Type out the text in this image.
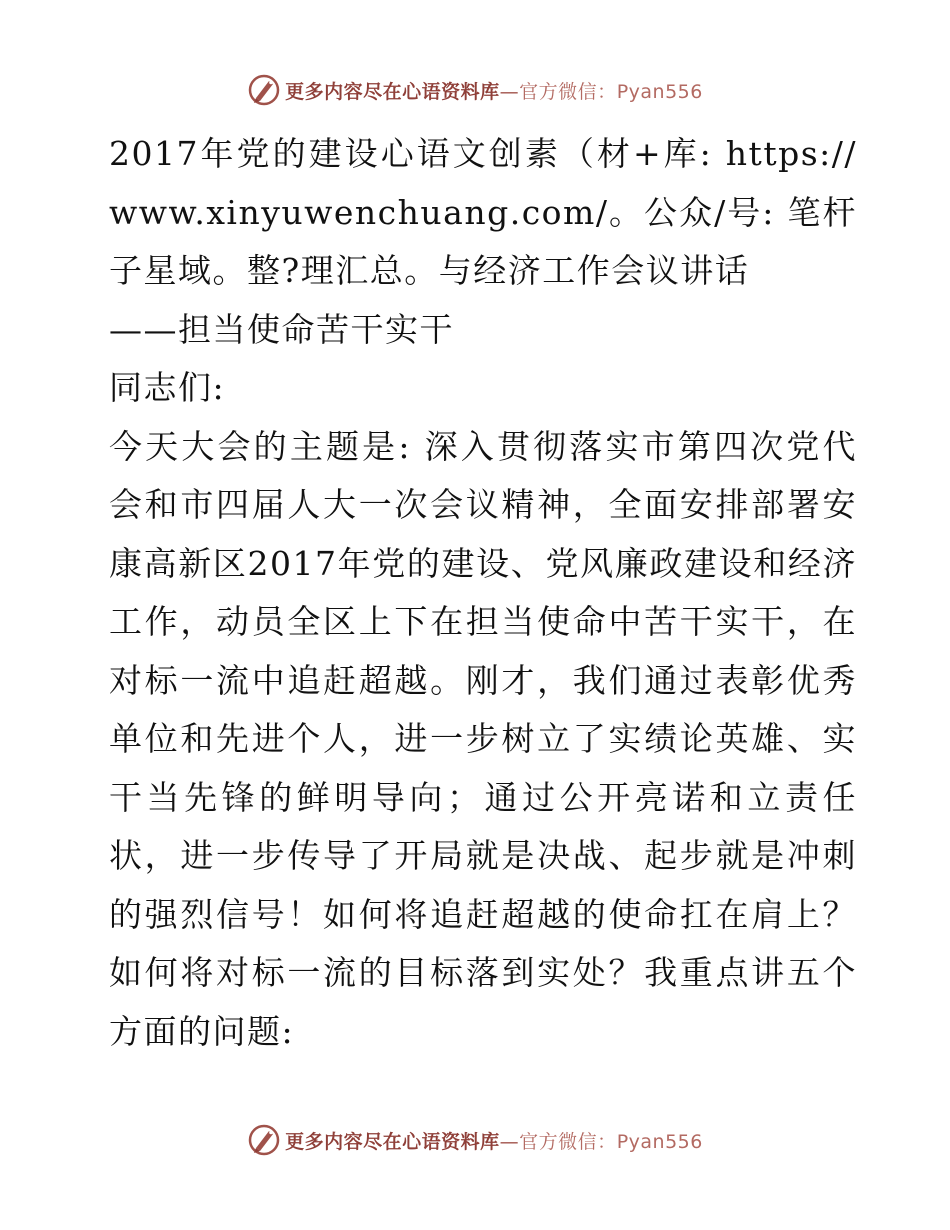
更多内容尽在心语资料库—官方微信：Pyan556

2017年党的建设心语文创素（材+库: https://www.xinyuwenchuang.com/。公众/号: 笔杆子星域。整?理汇总。与经济工作会议讲话

——担当使命苦干实干

同志们:

今天大会的主题是: 深入贯彻落实市第四次党代会和市四届人大一次会议精神，全面安排部署安康高新区2017年党的建设、党风廉政建设和经济工作，动员全区上下在担当使命中苦干实干，在对标一流中追赶超越。刚才，我们通过表彰优秀单位和先进个人，进一步树立了实绩论英雄、实干当先锋的鲜明导向；通过公开亮诺和立责任状，进一步传导了开局就是决战、起步就是冲刺的强烈信号！如何将追赶超越的使命扛在肩上？如何将对标一流的目标落到实处？我重点讲五个方面的问题:

更多内容尽在心语资料库—官方微信：Pyan556
